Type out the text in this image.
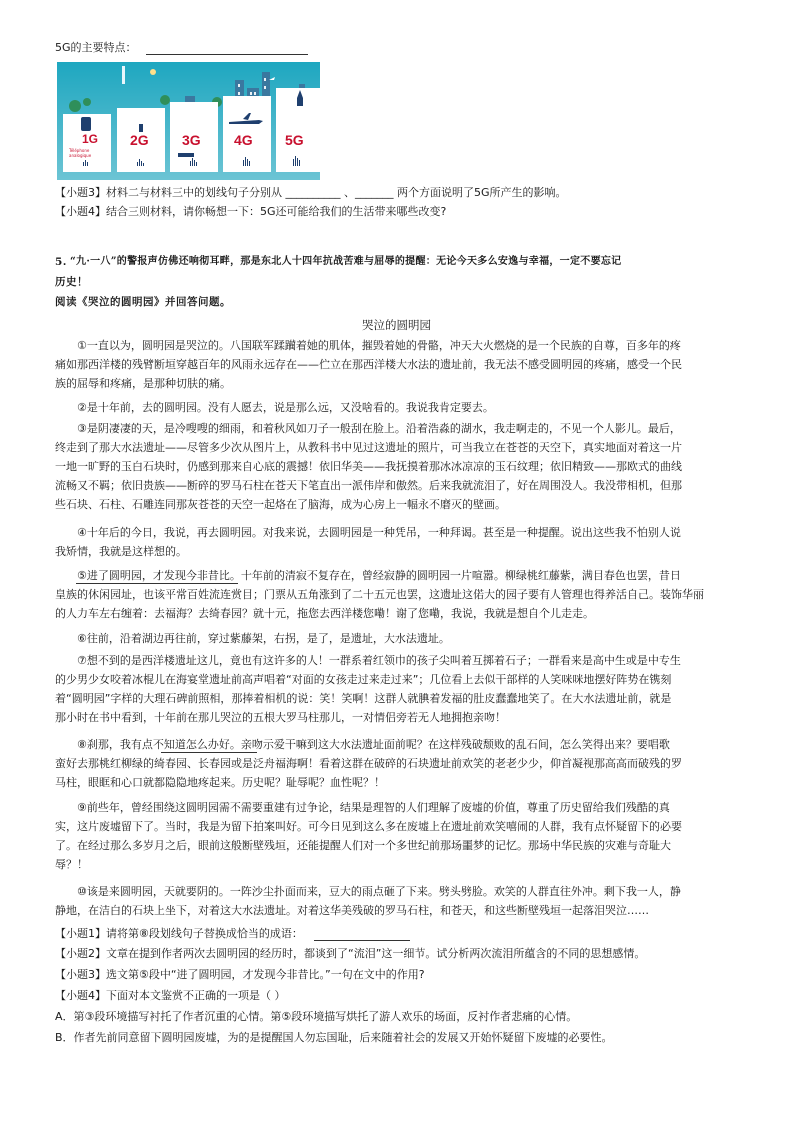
5G的主要特点：
1G
Téléphone analogique
2G 3G 4G 5G
【小题3】材料二与材料三中的划线句子分别从 __________ 、_______ 两个方面说明了5G所产生的影响。
【小题4】结合三则材料，请你畅想一下：5G还可能给我们的生活带来哪些改变?
5. “九·一八”的警报声仿佛还响彻耳畔，那是东北人十四年抗战苦难与屈辱的提醒：无论今天多么安逸与幸福，一定不要忘记
历史！
阅读《哭泣的圆明园》并回答问题。
哭泣的圆明园
①一直以为，圆明园是哭泣的。八国联军蹂躏着她的肌体，摧毁着她的骨骼，冲天大火燃烧的是一个民族的自尊，百多年的疼
痛如那西洋楼的残臂断垣穿越百年的风雨永远存在——伫立在那西洋楼大水法的遗址前，我无法不感受圆明园的疼痛，感受一个民
族的屈辱和疼痛，是那种切肤的痛。
②是十年前，去的圆明园。没有人愿去，说是那么远，又没啥看的。我说我肯定要去。
③是阴凄凄的天，是冷嗖嗖的细雨，和着秋风如刀子一般刮在脸上。沿着浩淼的湖水，我走啊走的，不见一个人影儿。最后，
终走到了那大水法遗址——尽管多少次从图片上，从教科书中见过这遗址的照片，可当我立在苍苍的天空下，真实地面对着这一片
一地一旷野的玉白石块时，仍感到那来自心底的震撼！依旧华美——我抚摸着那冰冰凉凉的玉石纹理；依旧精致——那欧式的曲线
流畅又不羁；依旧贵族——断碎的罗马石柱在苍天下笔直出一派伟岸和傲然。后来我就流泪了，好在周围没人。我没带相机，但那
些石块、石柱、石雕连同那灰苍苍的天空一起烙在了脑海，成为心房上一幅永不磨灭的壁画。
④十年后的今日，我说，再去圆明园。对我来说，去圆明园是一种凭吊，一种拜谒。甚至是一种提醒。说出这些我不怕别人说
我矫情，我就是这样想的。
⑤进了圆明园，才发现今非昔比。十年前的清寂不复存在，曾经寂静的圆明园一片喧嚣。柳绿桃红藤紫，满目春色也罢，昔日
皇族的休闲园址，也该平常百姓流连赏目；门票从五角涨到了二十五元也罢，这遗址这偌大的园子要有人管理也得养活自己。装饰华丽
的人力车左右缠着：去福海？去绮春园？就十元，拖您去西洋楼您嘞！谢了您嘞，我说，我就是想自个儿走走。
⑥往前，沿着湖边再往前，穿过紫藤架，右拐，是了，是遗址，大水法遗址。
⑦想不到的是西洋楼遗址这儿，竟也有这许多的人！一群系着红领巾的孩子尖叫着互掷着石子；一群看来是高中生或是中专生
的少男少女咬着冰棍儿在海宴堂遗址前高声唱着“对面的女孩走过来走过来”；几位看上去似干部样的人笑咪咪地摆好阵势在镌刻
着“圆明园”字样的大理石碑前照相，那捧着相机的说：笑！笑啊！这群人就腆着发福的肚皮蠢蠢地笑了。在大水法遗址前，就是
那小时在书中看到，十年前在那儿哭泣的五根大罗马柱那儿，一对情侣旁若无人地拥抱亲吻！
⑧刹那，我有点不知道怎么办好。亲吻示爱干嘛到这大水法遗址面前呢？在这样残破颓败的乱石间，怎么笑得出来？要唱歌
蛮好去那桃红柳绿的绮春园、长春园或是泛舟福海啊！看着这群在破碎的石块遗址前欢笑的老老少少，仰首凝视那高高而破残的罗
马柱，眼眶和心口就都隐隐地疼起来。历史呢？耻辱呢？血性呢？！
⑨前些年，曾经围绕这圆明园需不需要重建有过争论，结果是理智的人们理解了废墟的价值，尊重了历史留给我们残酷的真
实，这片废墟留下了。当时，我是为留下拍案叫好。可今日见到这么多在废墟上在遗址前欢笑嘻闹的人群，我有点怀疑留下的必要
了。在经过那么多岁月之后，眼前这般断壁残垣，还能提醒人们对一个多世纪前那场噩梦的记忆。那场中华民族的灾难与奇耻大
辱？！
⑩该是来圆明园，天就要阴的。一阵沙尘扑面而来，豆大的雨点砸了下来。劈头劈脸。欢笑的人群直往外冲。剩下我一人，静
静地，在洁白的石块上坐下，对着这大水法遗址。对着这华美残破的罗马石柱，和苍天，和这些断壁残垣一起落泪哭泣……
【小题1】请将第⑧段划线句子替换成恰当的成语：
【小题2】文章在提到作者两次去圆明园的经历时，都谈到了“流泪”这一细节。试分析两次流泪所蕴含的不同的思想感情。
【小题3】选文第⑤段中“进了圆明园，才发现今非昔比。”一句在文中的作用?
【小题4】下面对本文鉴赏不正确的一项是（ ）
A．第③段环境描写衬托了作者沉重的心情。第⑤段环境描写烘托了游人欢乐的场面，反衬作者悲痛的心情。
B．作者先前同意留下圆明园废墟，为的是提醒国人勿忘国耻，后来随着社会的发展又开始怀疑留下废墟的必要性。
